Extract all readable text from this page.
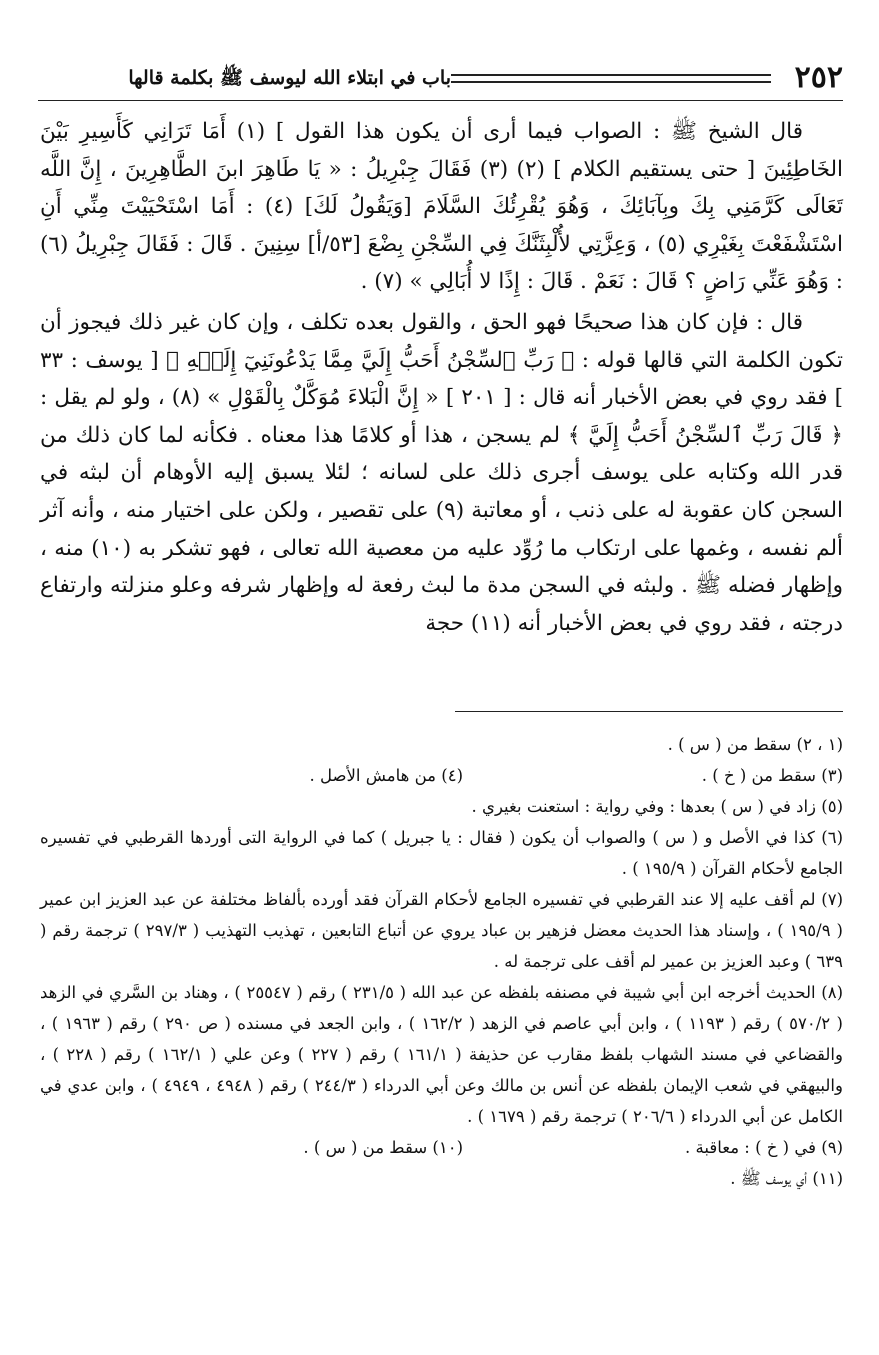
٢٥٢
باب في ابتلاء الله ليوسف ﷺ بكلمة قالها

قال الشيخ ﷺ : الصواب فيما أرى أن يكون هذا القول ] (١) أَمَا تَرَانِي كَأَسِيرِ بَيْنَ الخَاطِئِينَ [ حتى يستقيم الكلام ] (٢) (٣) فَقَالَ جِبْرِيلُ : « يَا طَاهِرَ ابنَ الطَّاهِرِينَ ، إِنَّ اللَّه تَعَالَى كَرَّمَنِي بِكَ وبِآبَائِكَ ، وَهُوَ يُقْرِئُكَ السَّلَامَ [وَيَقُولُ لَكَ] (٤) : أَمَا اسْتَحْيَيْتَ مِنِّي أَنِ اسْتَشْفَعْتَ بِغَيْرِي (٥) ، وَعِزَّتِي لأُلْبِثَنَّكَ فِي السِّجْنِ بِضْعَ [٥٣/أ] سِنِينَ . قَالَ : فَقَالَ جِبْرِيلُ (٦) : وَهُوَ عَنِّي رَاضٍ ؟ قَالَ : نَعَمْ . قَالَ : إِذًا لا أُبَالِي » (٧) .

قال : فإن كان هذا صحيحًا فهو الحق ، والقول بعده تكلف ، وإن كان غير ذلك فيجوز أن تكون الكلمة التي قالها قوله : ﴿ رَبِّ ٱلسِّجْنُ أَحَبُّ إِلَيَّ مِمَّا يَدْعُونَنِيٓ إِلَيۡهِ ﴾ [ يوسف : ٣٣ ] فقد روي في بعض الأخبار أنه قال : [ ٢٠١ ] « إِنَّ الْبَلاءَ مُوَكَّلٌ بِالْقَوْلِ » (٨) ، ولو لم يقل : ﴿ قَالَ رَبِّ ٱلسِّجْنُ أَحَبُّ إِلَيَّ ﴾ لم يسجن ، هذا أو كلامًا هذا معناه . فكأنه لما كان ذلك من قدر الله وكتابه على يوسف أجرى ذلك على لسانه ؛ لئلا يسبق إليه الأوهام أن لبثه في السجن كان عقوبة له على ذنب ، أو معاتبة (٩) على تقصير ، ولكن على اختيار منه ، وأنه آثر ألم نفسه ، وغمها على ارتكاب ما رُوِّد عليه من معصية الله تعالى ، فهو تشكر به (١٠) منه ، وإظهار فضله ﷺ . ولبثه في السجن مدة ما لبث رفعة له وإظهار شرفه وعلو منزلته وارتفاع درجته ، فقد روي في بعض الأخبار أنه (١١) حجة

(١ ، ٢) سقط من ( س ) .

(٣) سقط من ( خ ) .
(٤) من هامش الأصل .

(٥) زاد في ( س ) بعدها : وفي رواية : استعنت بغيري .

(٦) كذا في الأصل و ( س ) والصواب أن يكون ( فقال : يا جبريل ) كما في الرواية التى أوردها القرطبي في تفسيره الجامع لأحكام القرآن ( ١٩٥/٩ ) .

(٧) لم أقف عليه إلا عند القرطبي في تفسيره الجامع لأحكام القرآن فقد أورده بألفاظ مختلفة عن عبد العزيز ابن عمير ( ١٩٥/٩ ) ، وإسناد هذا الحديث معضل فزهير بن عباد يروي عن أتباع التابعين ، تهذيب التهذيب ( ٢٩٧/٣ ) ترجمة رقم ( ٦٣٩ ) وعبد العزيز بن عمير لم أقف على ترجمة له .

(٨) الحديث أخرجه ابن أبي شيبة في مصنفه بلفظه عن عبد الله ( ٢٣١/٥ ) رقم ( ٢٥٥٤٧ ) ، وهناد بن السَّري في الزهد ( ٥٧٠/٢ ) رقم ( ١١٩٣ ) ، وابن أبي عاصم في الزهد ( ١٦٢/٢ ) ، وابن الجعد في مسنده ( ص ٢٩٠ ) رقم ( ١٩٦٣ ) ، والقضاعي في مسند الشهاب بلفظ مقارب عن حذيفة ( ١٦١/١ ) رقم ( ٢٢٧ ) وعن علي ( ١٦٢/١ ) رقم ( ٢٢٨ ) ، والبيهقي في شعب الإيمان بلفظه عن أنس بن مالك وعن أبي الدرداء ( ٢٤٤/٣ ) رقم ( ٤٩٤٨ ، ٤٩٤٩ ) ، وابن عدي في الكامل عن أبي الدرداء ( ٢٠٦/٦ ) ترجمة رقم ( ١٦٧٩ ) .

(٩) في ( خ ) : معاقبة .
(١٠) سقط من ( س ) .

(١١) أي يوسف ﷺ .
